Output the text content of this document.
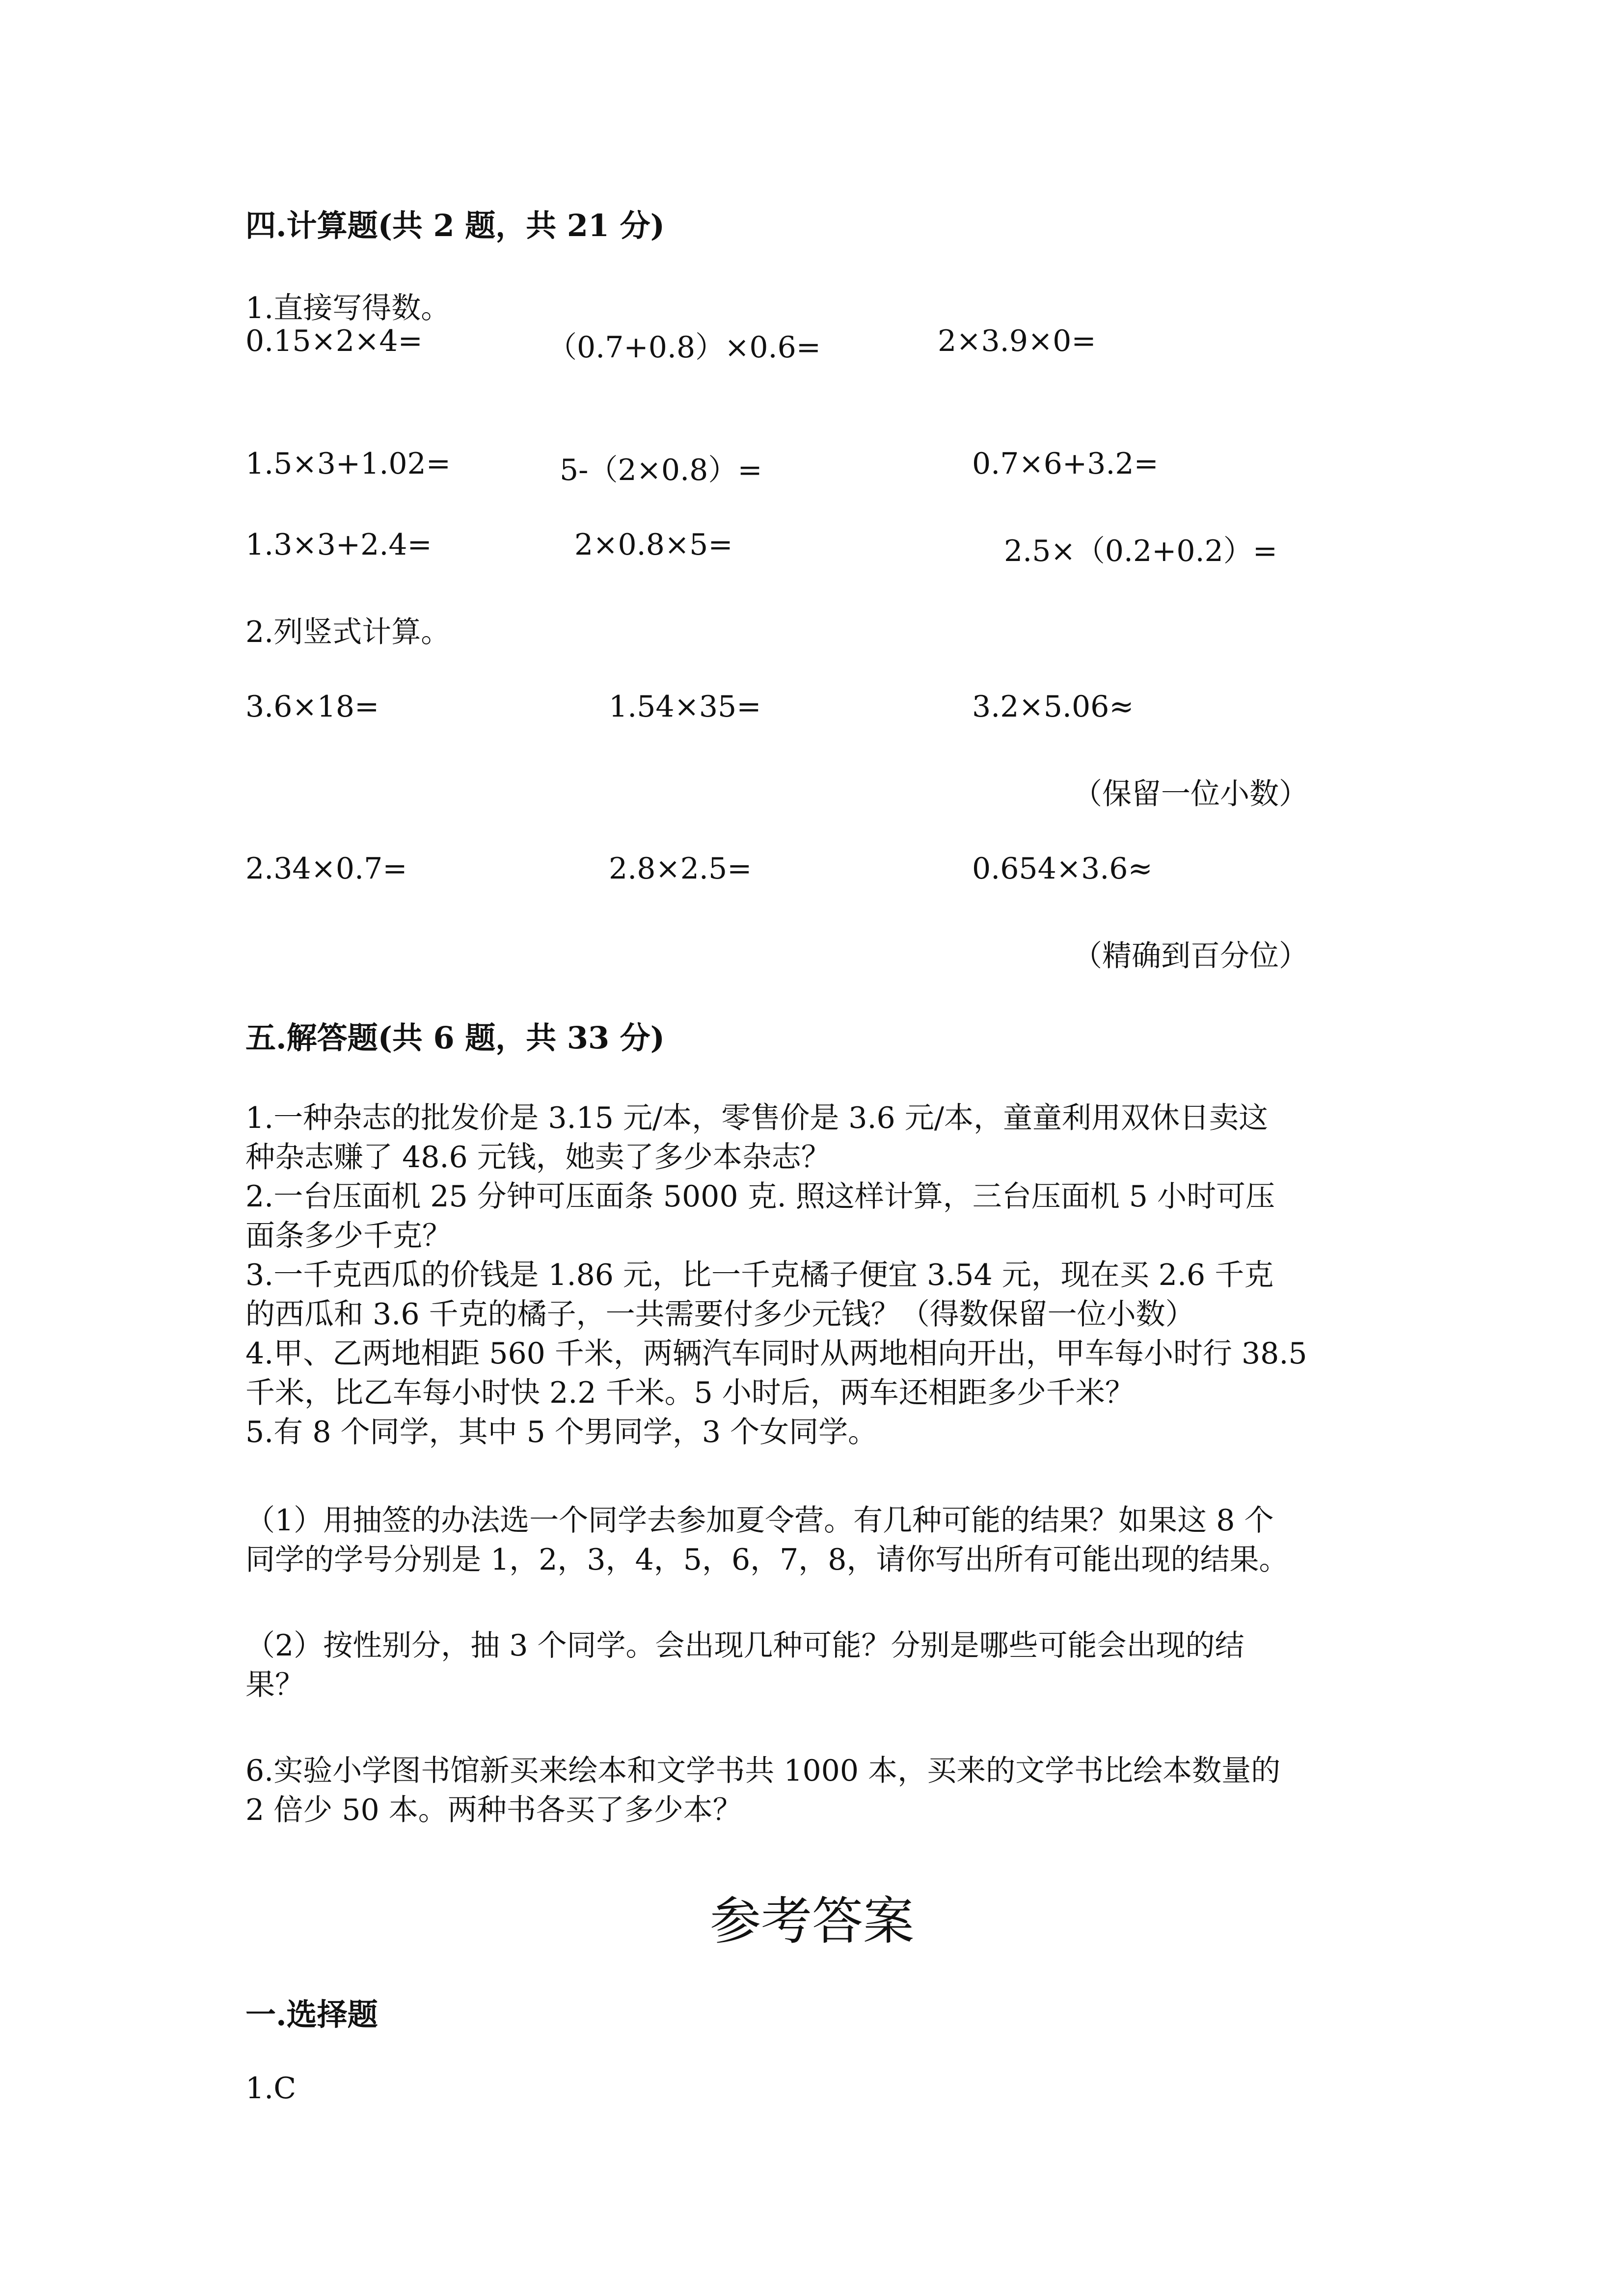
四.计算题(共 2 题，共 21 分)
1.直接写得数。
0.15×2×4=	（0.7+0.8）×0.6=	2×3.9×0=
1.5×3+1.02=	5-（2×0.8）=	0.7×6+3.2=
1.3×3+2.4=	2×0.8×5=	2.5×（0.2+0.2）=
2.列竖式计算。
3.6×18=	1.54×35=	3.2×5.06≈
（保留一位小数）
2.34×0.7=	2.8×2.5=	0.654×3.6≈
（精确到百分位）
五.解答题(共 6 题，共 33 分)
1.一种杂志的批发价是 3.15 元/本，零售价是 3.6 元/本，童童利用双休日卖这
种杂志赚了 48.6 元钱，她卖了多少本杂志？
2.一台压面机 25 分钟可压面条 5000 克. 照这样计算，三台压面机 5 小时可压
面条多少千克？
3.一千克西瓜的价钱是 1.86 元，比一千克橘子便宜 3.54 元，现在买 2.6 千克
的西瓜和 3.6 千克的橘子，一共需要付多少元钱？（得数保留一位小数）
4.甲、乙两地相距 560 千米，两辆汽车同时从两地相向开出，甲车每小时行 38.5
千米，比乙车每小时快 2.2 千米。5 小时后，两车还相距多少千米？
5.有 8 个同学，其中 5 个男同学，3 个女同学。
（1）用抽签的办法选一个同学去参加夏令营。有几种可能的结果？如果这 8 个
同学的学号分别是 1，2，3，4，5，6，7，8，请你写出所有可能出现的结果。
（2）按性别分，抽 3 个同学。会出现几种可能？分别是哪些可能会出现的结
果？
6.实验小学图书馆新买来绘本和文学书共 1000 本，买来的文学书比绘本数量的
2 倍少 50 本。两种书各买了多少本？
参考答案
一.选择题
1.C
